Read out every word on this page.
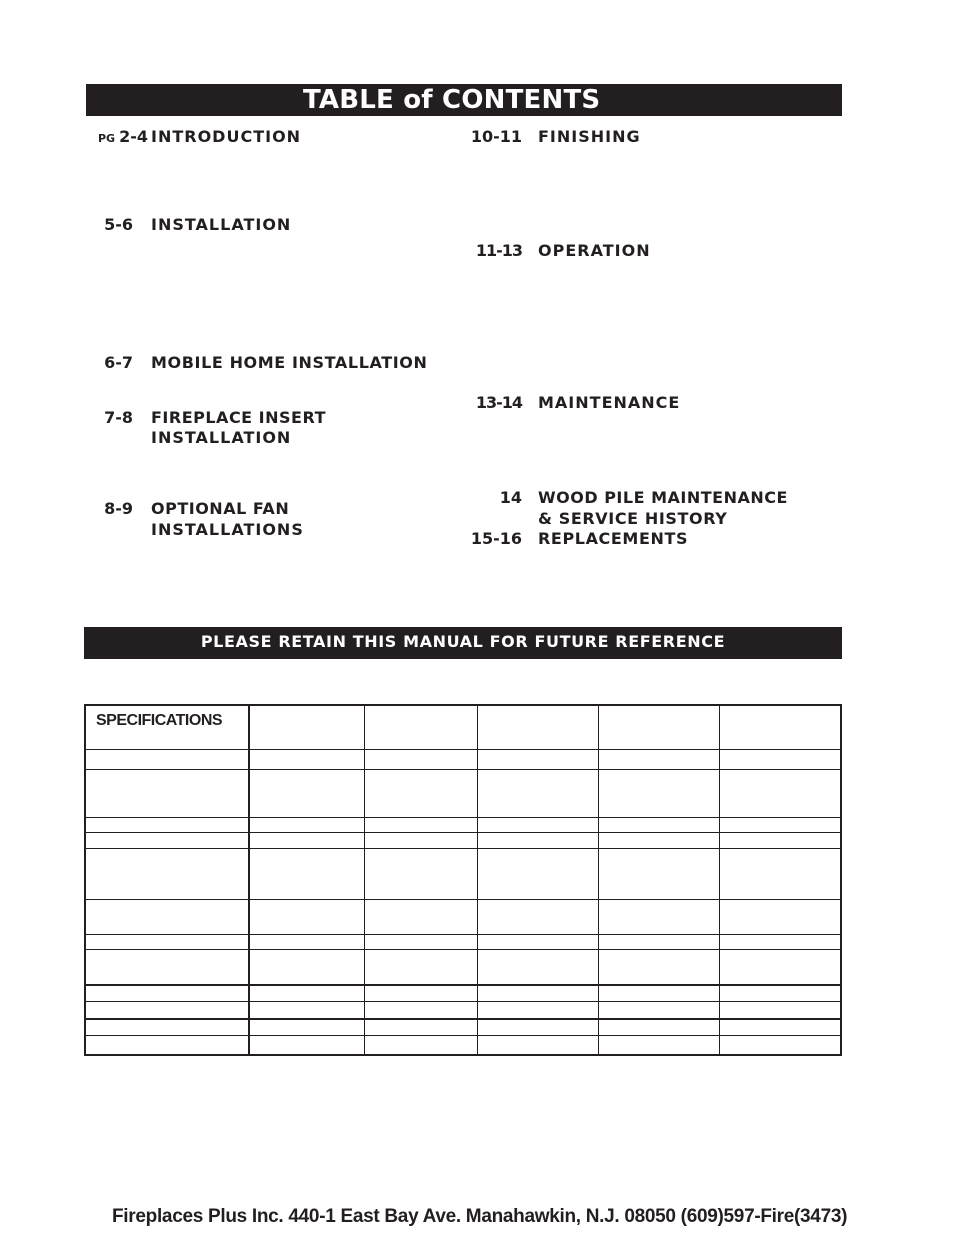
TABLE of CONTENTS
PG 2-4 INTRODUCTION
5-6 INSTALLATION
6-7 MOBILE HOME INSTALLATION
7-8 FIREPLACE INSERT
INSTALLATION
8-9 OPTIONAL FAN
INSTALLATIONS
10-11 FINISHING
11-13 OPERATION
13-14 MAINTENANCE
14 WOOD PILE MAINTENANCE
& SERVICE HISTORY
15-16 REPLACEMENTS
PLEASE RETAIN THIS MANUAL FOR FUTURE REFERENCE
SPECIFICATIONS
Fireplaces Plus Inc. 440-1 East Bay Ave. Manahawkin, N.J. 08050 (609)597-Fire(3473)
